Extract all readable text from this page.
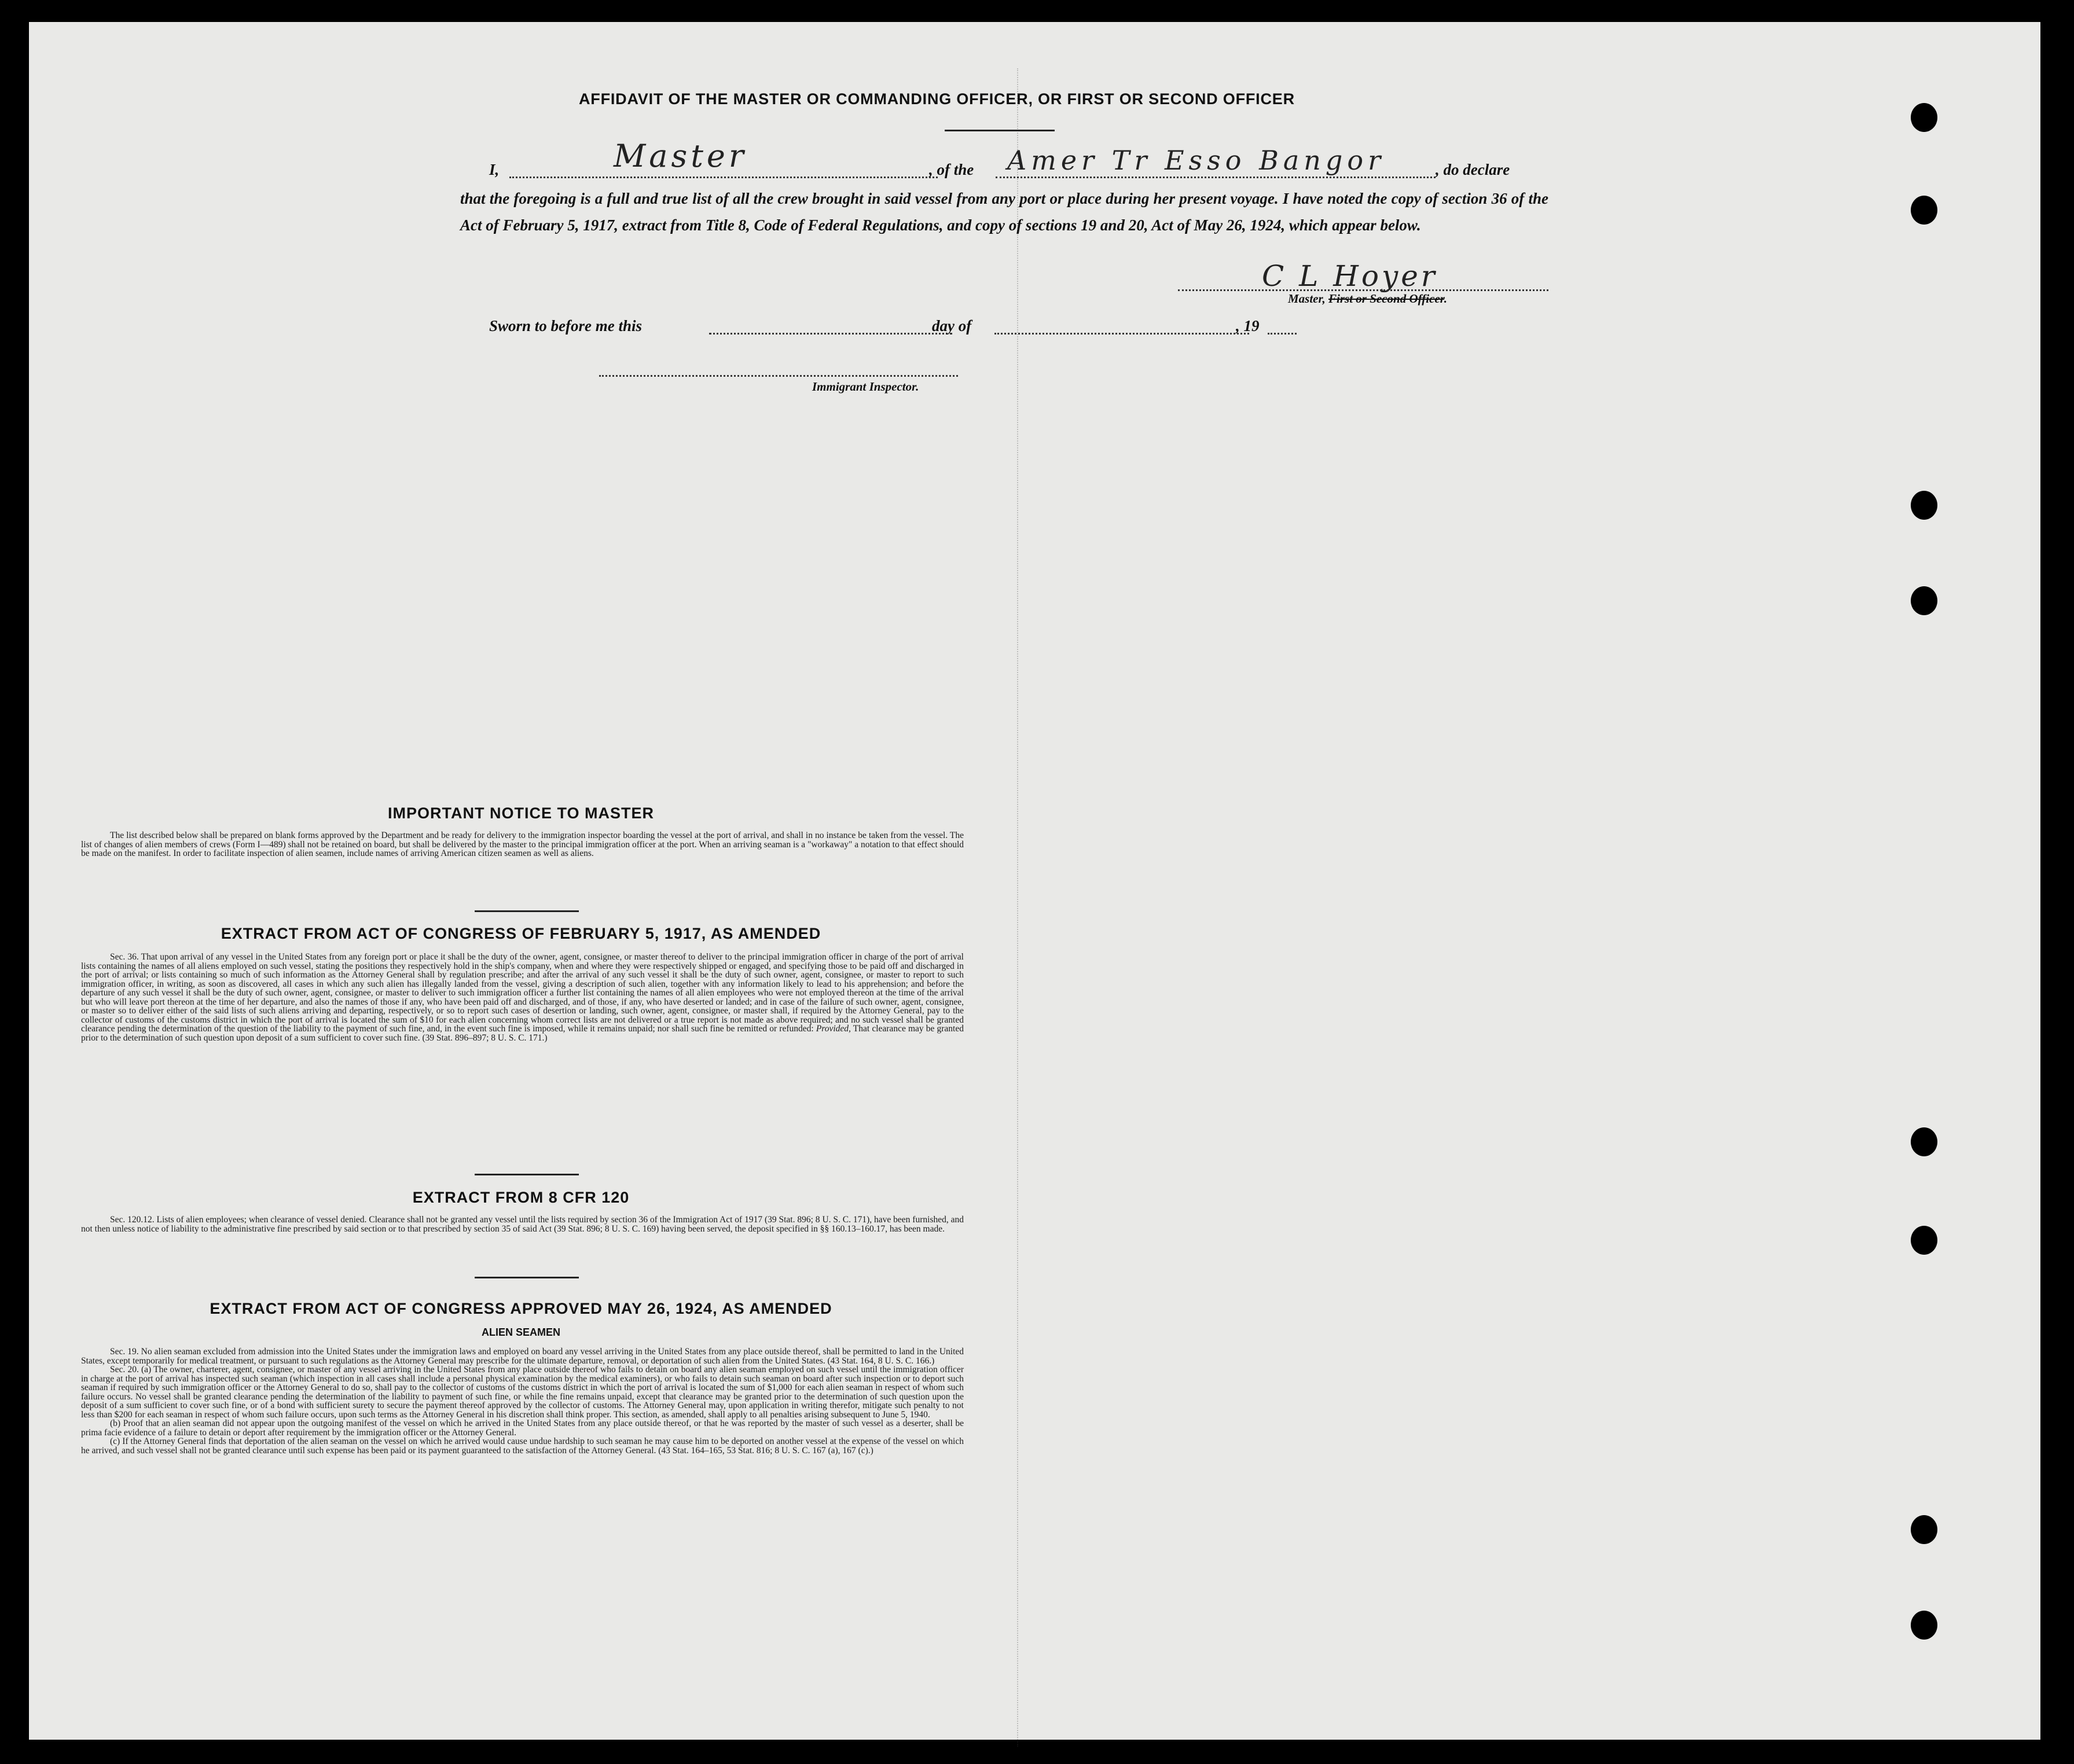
AFFIDAVIT OF THE MASTER OR COMMANDING OFFICER, OR FIRST OR SECOND OFFICER
I,	Master	, of the Amer Tr Esso Bangor	, do declare
that the foregoing is a full and true list of all the crew brought in said vessel from any port or place during her present voyage. I have noted the copy of section 36 of the Act of February 5, 1917, extract from Title 8, Code of Federal Regulations, and copy of sections 19 and 20, Act of May 26, 1924, which appear below.
C L Hoyer
Master, First or Second Officer.
Sworn to before me this	day of	, 19
Immigrant Inspector.
IMPORTANT NOTICE TO MASTER

The list described below shall be prepared on blank forms approved by the Department and be ready for delivery to the immigration inspector boarding the vessel at the port of arrival, and shall in no instance be taken from the vessel. The list of changes of alien members of crews (Form I—489) shall not be retained on board, but shall be delivered by the master to the principal immigration officer at the port. When an arriving seaman is a "workaway" a notation to that effect should be made on the manifest. In order to facilitate inspection of alien seamen, include names of arriving American citizen seamen as well as aliens.

EXTRACT FROM ACT OF CONGRESS OF FEBRUARY 5, 1917, AS AMENDED

Sec. 36. That upon arrival of any vessel in the United States from any foreign port or place it shall be the duty of the owner, agent, consignee, or master thereof to deliver to the principal immigration officer in charge of the port of arrival lists containing the names of all aliens employed on such vessel, stating the positions they respectively hold in the ship's company, when and where they were respectively shipped or engaged, and specifying those to be paid off and discharged in the port of arrival; or lists containing so much of such information as the Attorney General shall by regulation prescribe; and after the arrival of any such vessel it shall be the duty of such owner, agent, consignee, or master to report to such immigration officer, in writing, as soon as discovered, all cases in which any such alien has illegally landed from the vessel, giving a description of such alien, together with any information likely to lead to his apprehension; and before the departure of any such vessel it shall be the duty of such owner, agent, consignee, or master to deliver to such immigration officer a further list containing the names of all alien employees who were not employed thereon at the time of the arrival but who will leave port thereon at the time of her departure, and also the names of those if any, who have been paid off and discharged, and of those, if any, who have deserted or landed; and in case of the failure of such owner, agent, consignee, or master so to deliver either of the said lists of such aliens arriving and departing, respectively, or so to report such cases of desertion or landing, such owner, agent, consignee, or master shall, if required by the Attorney General, pay to the collector of customs of the customs district in which the port of arrival is located the sum of $10 for each alien concerning whom correct lists are not delivered or a true report is not made as above required; and no such vessel shall be granted clearance pending the determination of the question of the liability to the payment of such fine, and, in the event such fine is imposed, while it remains unpaid; nor shall such fine be remitted or refunded: Provided, That clearance may be granted prior to the determination of such question upon deposit of a sum sufficient to cover such fine. (39 Stat. 896–897; 8 U. S. C. 171.)

EXTRACT FROM 8 CFR 120

Sec. 120.12. Lists of alien employees; when clearance of vessel denied. Clearance shall not be granted any vessel until the lists required by section 36 of the Immigration Act of 1917 (39 Stat. 896; 8 U. S. C. 171), have been furnished, and not then unless notice of liability to the administrative fine prescribed by said section or to that prescribed by section 35 of said Act (39 Stat. 896; 8 U. S. C. 169) having been served, the deposit specified in §§ 160.13–160.17, has been made.

EXTRACT FROM ACT OF CONGRESS APPROVED MAY 26, 1924, AS AMENDED
ALIEN SEAMEN

Sec. 19. No alien seaman excluded from admission into the United States under the immigration laws and employed on board any vessel arriving in the United States from any place outside thereof, shall be permitted to land in the United States, except temporarily for medical treatment, or pursuant to such regulations as the Attorney General may prescribe for the ultimate departure, removal, or deportation of such alien from the United States. (43 Stat. 164, 8 U. S. C. 166.)

Sec. 20. (a) The owner, charterer, agent, consignee, or master of any vessel arriving in the United States from any place outside thereof who fails to detain on board any alien seaman employed on such vessel until the immigration officer in charge at the port of arrival has inspected such seaman (which inspection in all cases shall include a personal physical examination by the medical examiners), or who fails to detain such seaman on board after such inspection or to deport such seaman if required by such immigration officer or the Attorney General to do so, shall pay to the collector of customs of the customs district in which the port of arrival is located the sum of $1,000 for each alien seaman in respect of whom such failure occurs. No vessel shall be granted clearance pending the determination of the liability to payment of such fine, or while the fine remains unpaid, except that clearance may be granted prior to the determination of such question upon the deposit of a sum sufficient to cover such fine, or of a bond with sufficient surety to secure the payment thereof approved by the collector of customs. The Attorney General may, upon application in writing therefor, mitigate such penalty to not less than $200 for each seaman in respect of whom such failure occurs, upon such terms as the Attorney General in his discretion shall think proper. This section, as amended, shall apply to all penalties arising subsequent to June 5, 1940.

(b) Proof that an alien seaman did not appear upon the outgoing manifest of the vessel on which he arrived in the United States from any place outside thereof, or that he was reported by the master of such vessel as a deserter, shall be prima facie evidence of a failure to detain or deport after requirement by the immigration officer or the Attorney General.

(c) If the Attorney General finds that deportation of the alien seaman on the vessel on which he arrived would cause undue hardship to such seaman he may cause him to be deported on another vessel at the expense of the vessel on which he arrived, and such vessel shall not be granted clearance until such expense has been paid or its payment guaranteed to the satisfaction of the Attorney General. (43 Stat. 164–165, 53 Stat. 816; 8 U. S. C. 167 (a), 167 (c).)
